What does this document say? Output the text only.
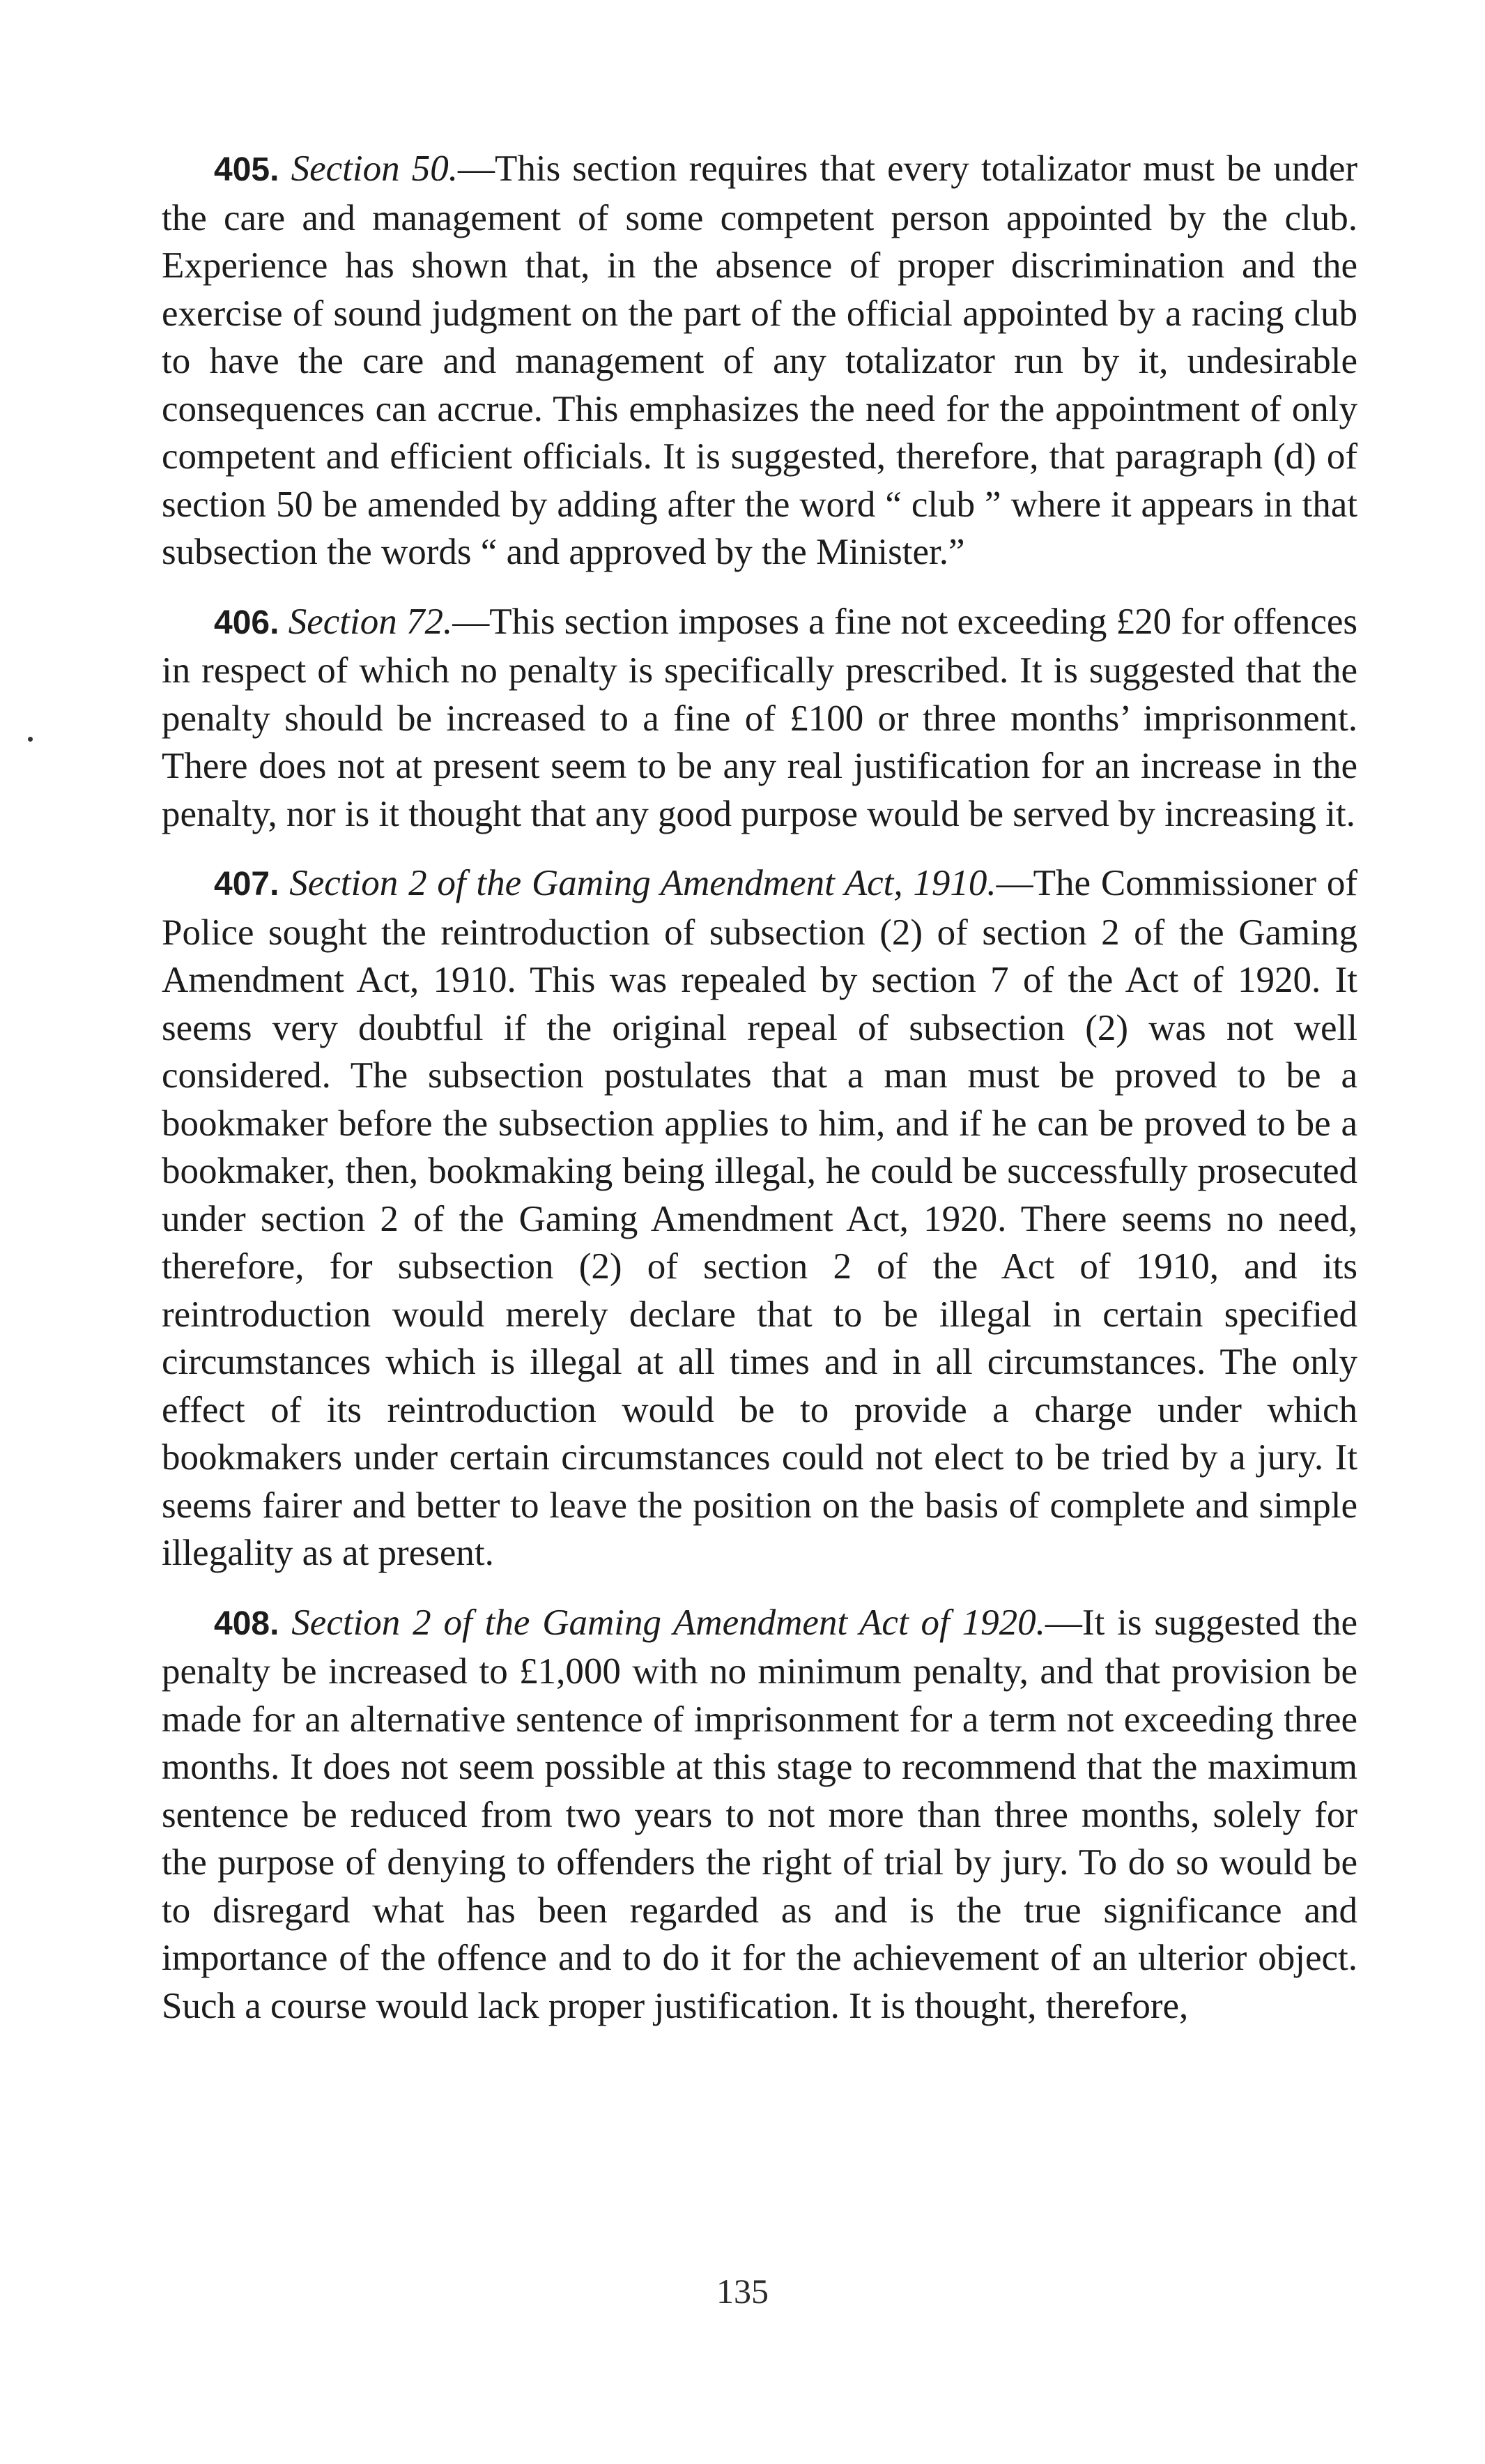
405. Section 50.—This section requires that every totalizator must be under the care and management of some competent person appointed by the club. Experience has shown that, in the absence of proper discrimination and the exercise of sound judgment on the part of the official appointed by a racing club to have the care and management of any totalizator run by it, undesirable consequences can accrue. This emphasizes the need for the appointment of only competent and efficient officials. It is suggested, therefore, that paragraph (d) of section 50 be amended by adding after the word “ club ” where it appears in that subsection the words “ and approved by the Minister.”

406. Section 72.—This section imposes a fine not exceeding £20 for offences in respect of which no penalty is specifically prescribed. It is suggested that the penalty should be increased to a fine of £100 or three months’ imprisonment. There does not at present seem to be any real justification for an increase in the penalty, nor is it thought that any good purpose would be served by increasing it.

407. Section 2 of the Gaming Amendment Act, 1910.—The Commissioner of Police sought the reintroduction of subsection (2) of section 2 of the Gaming Amendment Act, 1910. This was repealed by section 7 of the Act of 1920. It seems very doubtful if the original repeal of subsection (2) was not well considered. The subsection postulates that a man must be proved to be a bookmaker before the subsection applies to him, and if he can be proved to be a bookmaker, then, bookmaking being illegal, he could be successfully prosecuted under section 2 of the Gaming Amendment Act, 1920. There seems no need, therefore, for subsection (2) of section 2 of the Act of 1910, and its reintroduction would merely declare that to be illegal in certain specified circumstances which is illegal at all times and in all circumstances. The only effect of its reintroduction would be to provide a charge under which bookmakers under certain circumstances could not elect to be tried by a jury. It seems fairer and better to leave the position on the basis of complete and simple illegality as at present.

408. Section 2 of the Gaming Amendment Act of 1920.—It is suggested the penalty be increased to £1,000 with no minimum penalty, and that provision be made for an alternative sentence of imprisonment for a term not exceeding three months. It does not seem possible at this stage to recommend that the maximum sentence be reduced from two years to not more than three months, solely for the purpose of denying to offenders the right of trial by jury. To do so would be to disregard what has been regarded as and is the true significance and importance of the offence and to do it for the achievement of an ulterior object. Such a course would lack proper justification. It is thought, therefore,

135
